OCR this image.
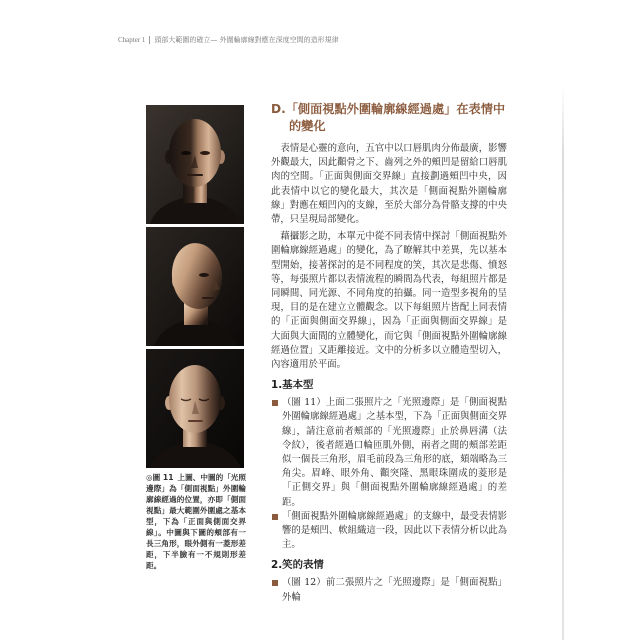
Chapter 1 頭部大範圍的確立— 外圍輪廓線對應在深度空間的造形規律
◎圖 11 上圖、中圖的「光照邊際」為「側面視點」外圍輪廓線經過的位置，亦即「側面視點」最大範圍外圍處之基本型，下為「正面與側面交界線」。中圖與下圖的頰部有一長三角形，眼外側有一菱形差距，下半臉有一不規則形差距。
D.「側面視點外圍輪廓線經過處」在表情中的變化

表情是心靈的意向，五官中以口唇肌肉分佈最廣，影響外觀最大，因此顴骨之下、齒列之外的頰凹是留給口唇肌肉的空間。「正面與側面交界線」直接劃過頰凹中央，因此表情中以它的變化最大，其次是「側面視點外圍輪廓線」對應在頰凹內的支線，至於大部分為骨骼支撐的中央帶，只呈現局部變化。

藉攝影之助，本單元中從不同表情中探討「側面視點外圍輪廓線經過處」的變化，為了瞭解其中差異，先以基本型開始，接著探討的是不同程度的笑，其次是悲傷、憤怒等，每張照片都以表情流程的瞬間為代表，每組照片都是同瞬間、同光源、不同角度的拍攝。同一造型多視角的呈現，目的是在建立立體觀念。以下每組照片皆配上同表情的「正面與側面交界線」，因為「正面與側面交界線」是大面與大面間的立體變化，而它與「側面視點外圍輪廓線經過位置」又距離接近。文中的分析多以立體造型切入，內容適用於平面。

1.基本型

（圖 11）上面二張照片之「光照邊際」是「側面視點外圍輪廓線經過處」之基本型，下為「正面與側面交界線」，請注意前者頰部的「光照邊際」止於鼻唇溝（法令紋），後者經過口輪匝肌外側，兩者之間的頰部差距似一個長三角形，眉毛前段為三角形的底，頦端略為三角尖。眉峰、眼外角、顴突隆、黑眼珠圍成的菱形是「正側交界」與「側面視點外圍輪廓線經過處」的差距。

「側面視點外圍輪廓線經過處」的支線中，最受表情影響的是頰凹、軟組織這一段，因此以下表情分析以此為主。

2.笑的表情

（圖 12）前二張照片之「光照邊際」是「側面視點」外輪
